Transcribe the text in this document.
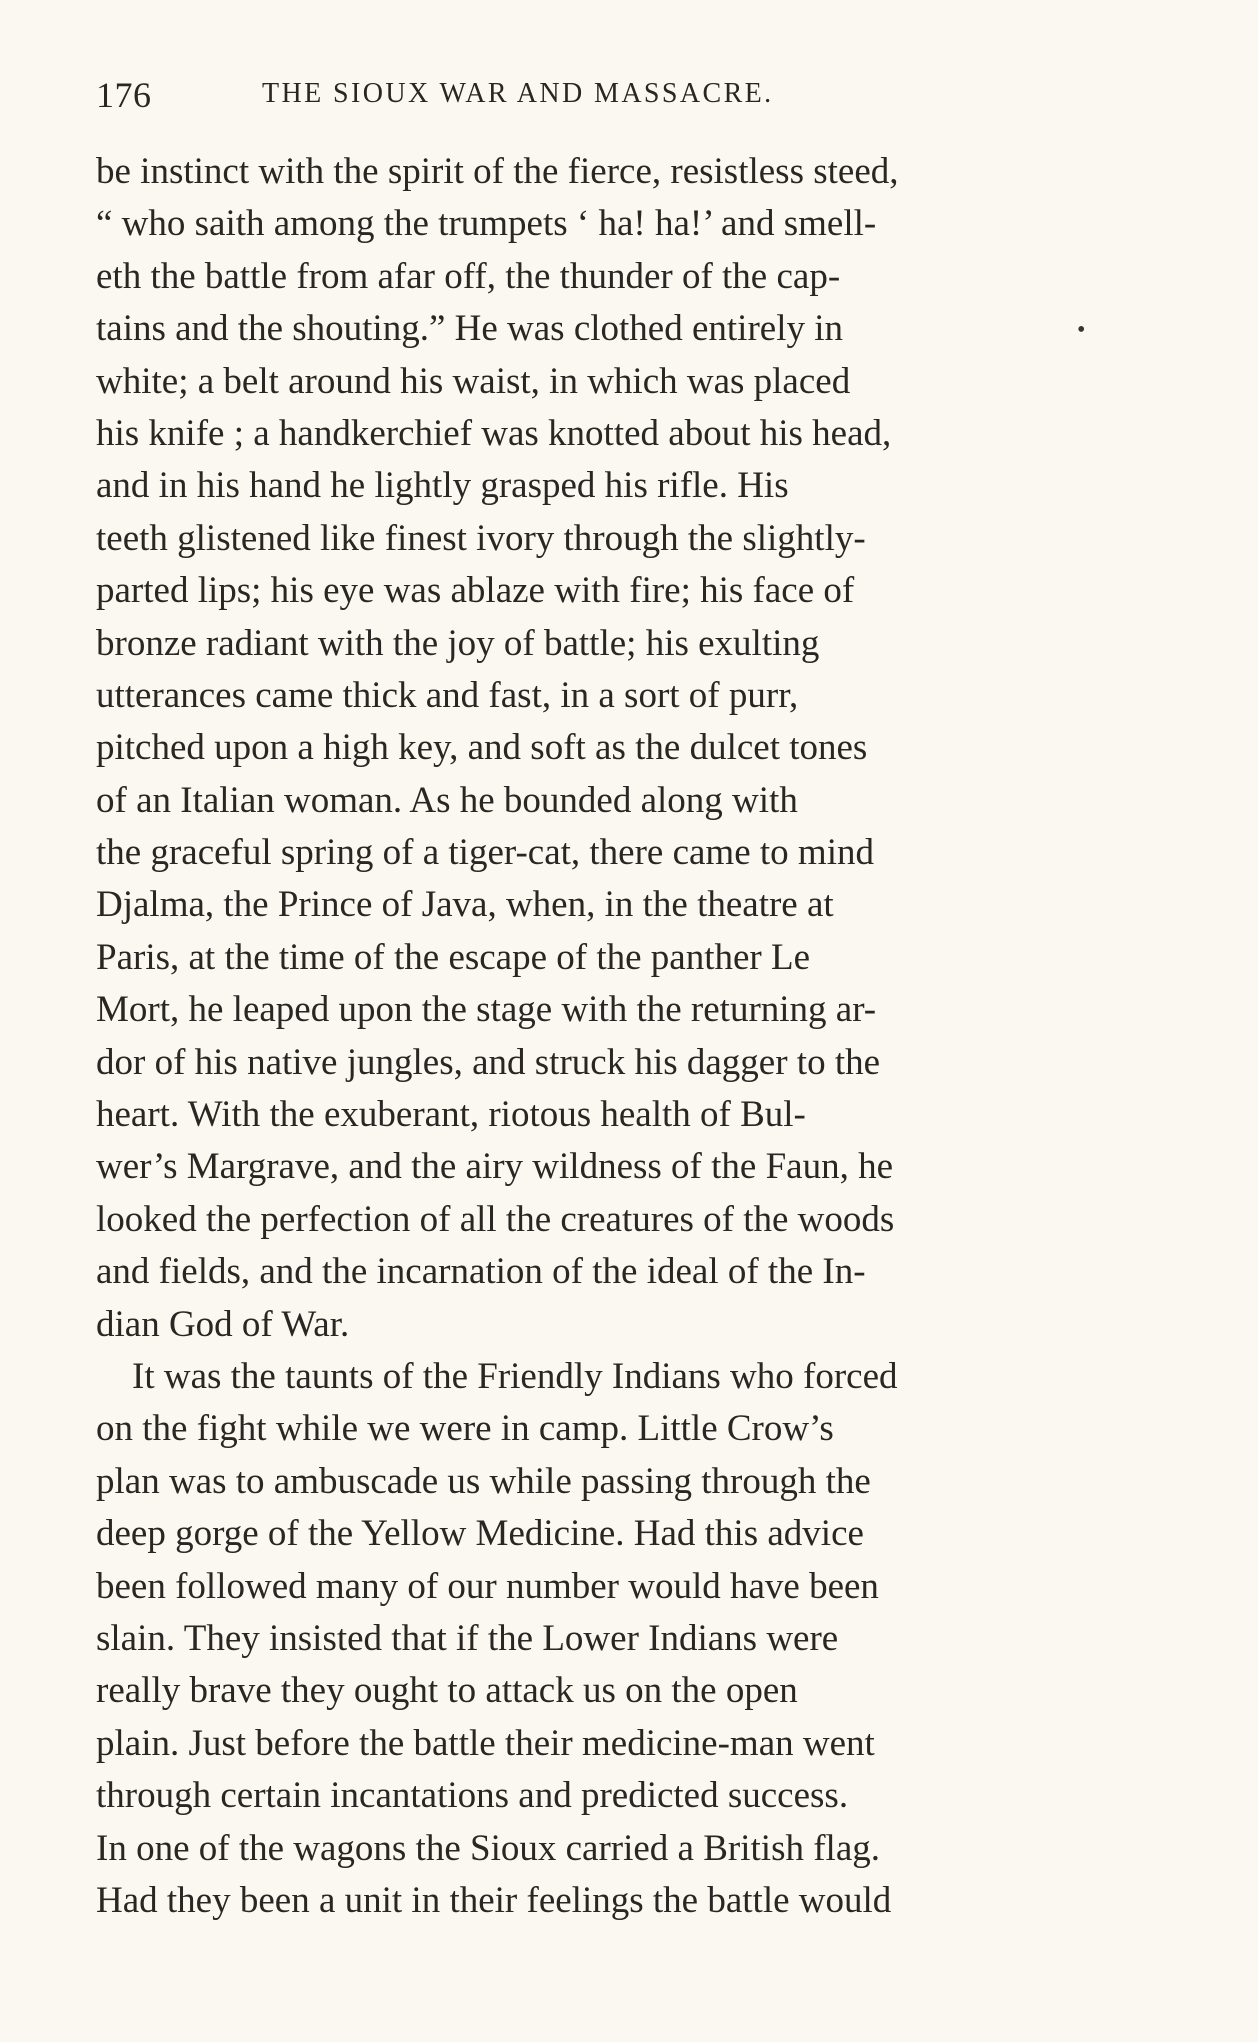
176	THE SIOUX WAR AND MASSACRE.
be instinct with the spirit of the fierce, resistless steed,
“ who saith among the trumpets ‘ ha! ha!’ and smell-
eth the battle from afar off, the thunder of the cap-
tains and the shouting.” He was clothed entirely in
white; a belt around his waist, in which was placed
his knife ; a handkerchief was knotted about his head,
and in his hand he lightly grasped his rifle. His
teeth glistened like finest ivory through the slightly-
parted lips; his eye was ablaze with fire; his face of
bronze radiant with the joy of battle; his exulting
utterances came thick and fast, in a sort of purr,
pitched upon a high key, and soft as the dulcet tones
of an Italian woman. As he bounded along with
the graceful spring of a tiger-cat, there came to mind
Djalma, the Prince of Java, when, in the theatre at
Paris, at the time of the escape of the panther Le
Mort, he leaped upon the stage with the returning ar-
dor of his native jungles, and struck his dagger to the
heart. With the exuberant, riotous health of Bul-
wer’s Margrave, and the airy wildness of the Faun, he
looked the perfection of all the creatures of the woods
and fields, and the incarnation of the ideal of the In-
dian God of War.
It was the taunts of the Friendly Indians who forced
on the fight while we were in camp. Little Crow’s
plan was to ambuscade us while passing through the
deep gorge of the Yellow Medicine. Had this advice
been followed many of our number would have been
slain. They insisted that if the Lower Indians were
really brave they ought to attack us on the open
plain. Just before the battle their medicine-man went
through certain incantations and predicted success.
In one of the wagons the Sioux carried a British flag.
Had they been a unit in their feelings the battle would
•
